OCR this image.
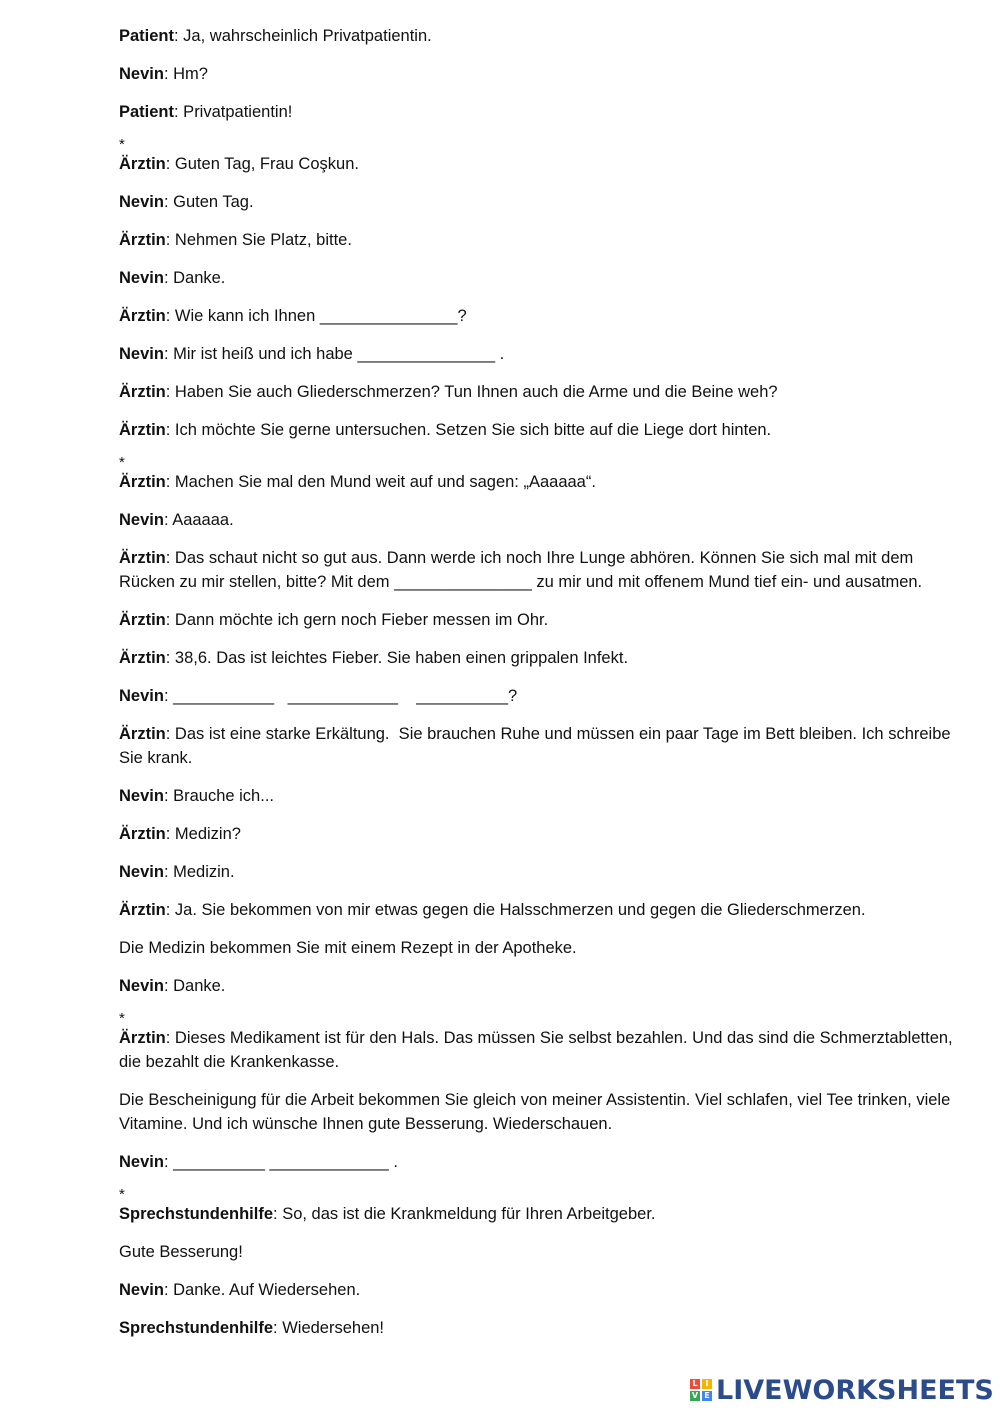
Patient: Ja, wahrscheinlich Privatpatientin.
Nevin: Hm?
Patient: Privatpatientin!
*
Ärztin: Guten Tag, Frau Coşkun.
Nevin: Guten Tag.
Ärztin: Nehmen Sie Platz, bitte.
Nevin: Danke.
Ärztin: Wie kann ich Ihnen _______________?
Nevin: Mir ist heiß und ich habe _______________ .
Ärztin: Haben Sie auch Gliederschmerzen? Tun Ihnen auch die Arme und die Beine weh?
Ärztin: Ich möchte Sie gerne untersuchen. Setzen Sie sich bitte auf die Liege dort hinten.
*
Ärztin: Machen Sie mal den Mund weit auf und sagen: „Aaaaaa“.
Nevin: Aaaaaa.
Ärztin: Das schaut nicht so gut aus. Dann werde ich noch Ihre Lunge abhören. Können Sie sich mal mit dem Rücken zu mir stellen, bitte? Mit dem _______________ zu mir und mit offenem Mund tief ein- und ausatmen.
Ärztin: Dann möchte ich gern noch Fieber messen im Ohr.
Ärztin: 38,6. Das ist leichtes Fieber. Sie haben einen grippalen Infekt.
Nevin: ___________   ____________    __________?
Ärztin: Das ist eine starke Erkältung.  Sie brauchen Ruhe und müssen ein paar Tage im Bett bleiben. Ich schreibe Sie krank.
Nevin: Brauche ich...
Ärztin: Medizin?
Nevin: Medizin.
Ärztin: Ja. Sie bekommen von mir etwas gegen die Halsschmerzen und gegen die Gliederschmerzen.
Die Medizin bekommen Sie mit einem Rezept in der Apotheke.
Nevin: Danke.
*
Ärztin: Dieses Medikament ist für den Hals. Das müssen Sie selbst bezahlen. Und das sind die Schmerztabletten, die bezahlt die Krankenkasse.
Die Bescheinigung für die Arbeit bekommen Sie gleich von meiner Assistentin. Viel schlafen, viel Tee trinken, viele Vitamine. Und ich wünsche Ihnen gute Besserung. Wiederschauen.
Nevin: __________ _____________ .
*
Sprechstundenhilfe: So, das ist die Krankmeldung für Ihren Arbeitgeber.
Gute Besserung!
Nevin: Danke. Auf Wiedersehen.
Sprechstundenhilfe: Wiedersehen!
L I
V E LIVEWORKSHEETS
